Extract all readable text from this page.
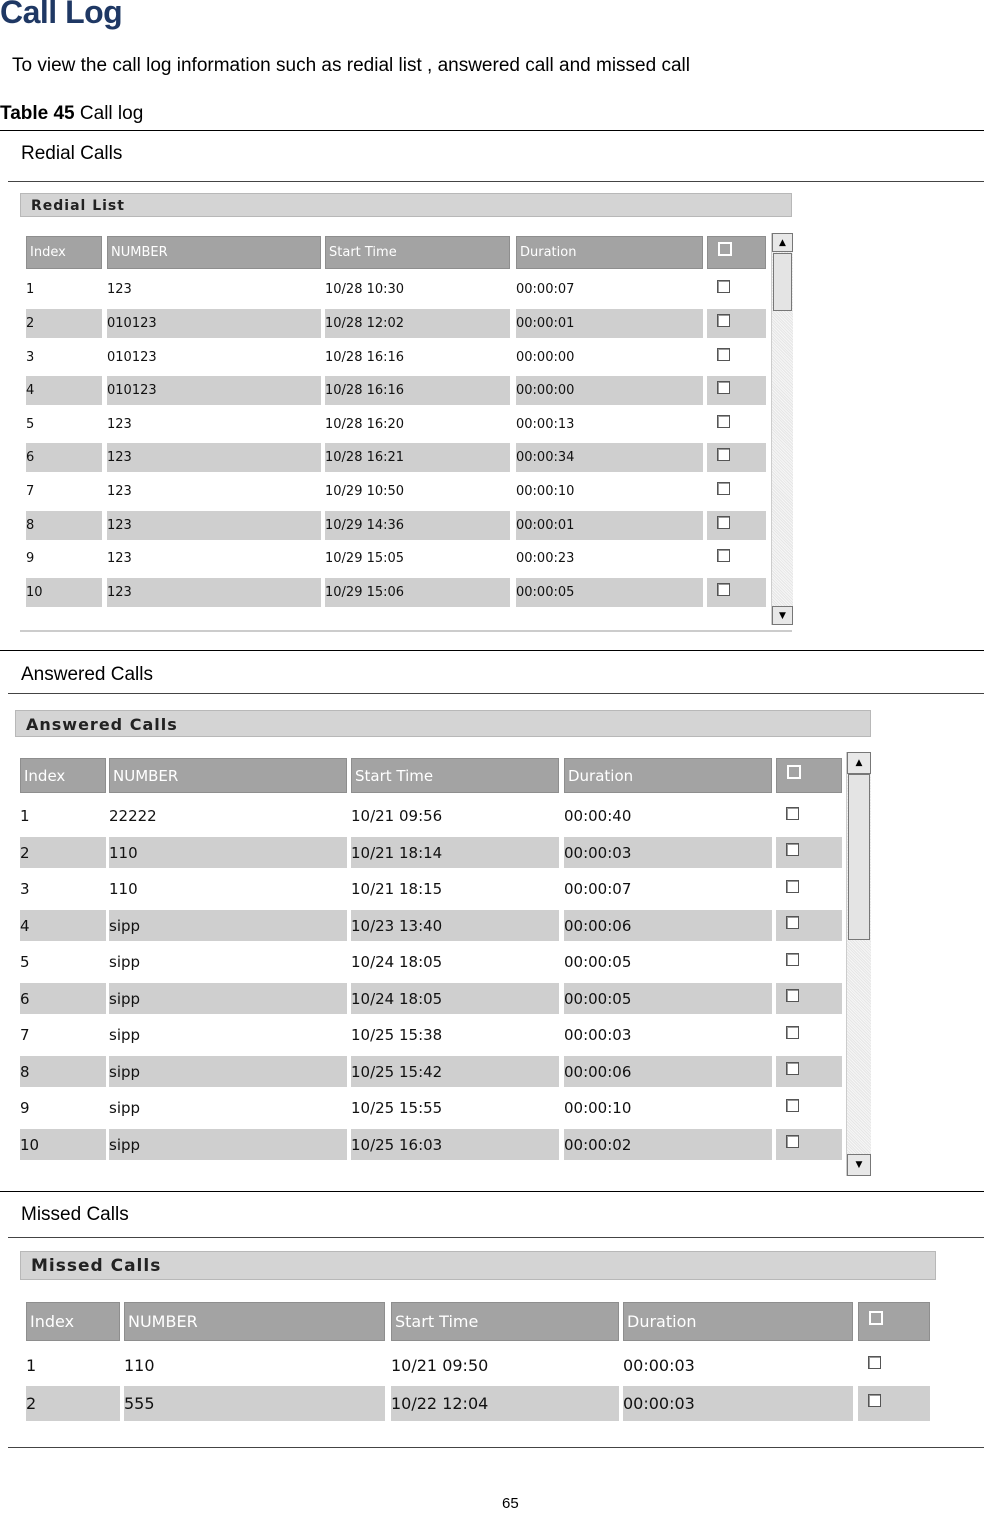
Call Log
To view the call log information such as redial list , answered call and missed call
Table 45 Call log
Redial Calls
Answered Calls
Missed Calls
65
Redial List
Index	NUMBER	Start Time	Duration
1	123	10/28 10:30	00:00:07
2	010123	10/28 12:02	00:00:01
3	010123	10/28 16:16	00:00:00
4	010123	10/28 16:16	00:00:00
5	123	10/28 16:20	00:00:13
6	123	10/28 16:21	00:00:34
7	123	10/29 10:50	00:00:10
8	123	10/29 14:36	00:00:01
9	123	10/29 15:05	00:00:23
10	123	10/29 15:06	00:00:05
▲
▼
Answered Calls
Index	NUMBER	Start Time	Duration
1	22222	10/21 09:56	00:00:40
2	110	10/21 18:14	00:00:03
3	110	10/21 18:15	00:00:07
4	sipp	10/23 13:40	00:00:06
5	sipp	10/24 18:05	00:00:05
6	sipp	10/24 18:05	00:00:05
7	sipp	10/25 15:38	00:00:03
8	sipp	10/25 15:42	00:00:06
9	sipp	10/25 15:55	00:00:10
10	sipp	10/25 16:03	00:00:02
▲
▼
Missed Calls
Index	NUMBER	Start Time	Duration
1	110	10/21 09:50	00:00:03
2	555	10/22 12:04	00:00:03
